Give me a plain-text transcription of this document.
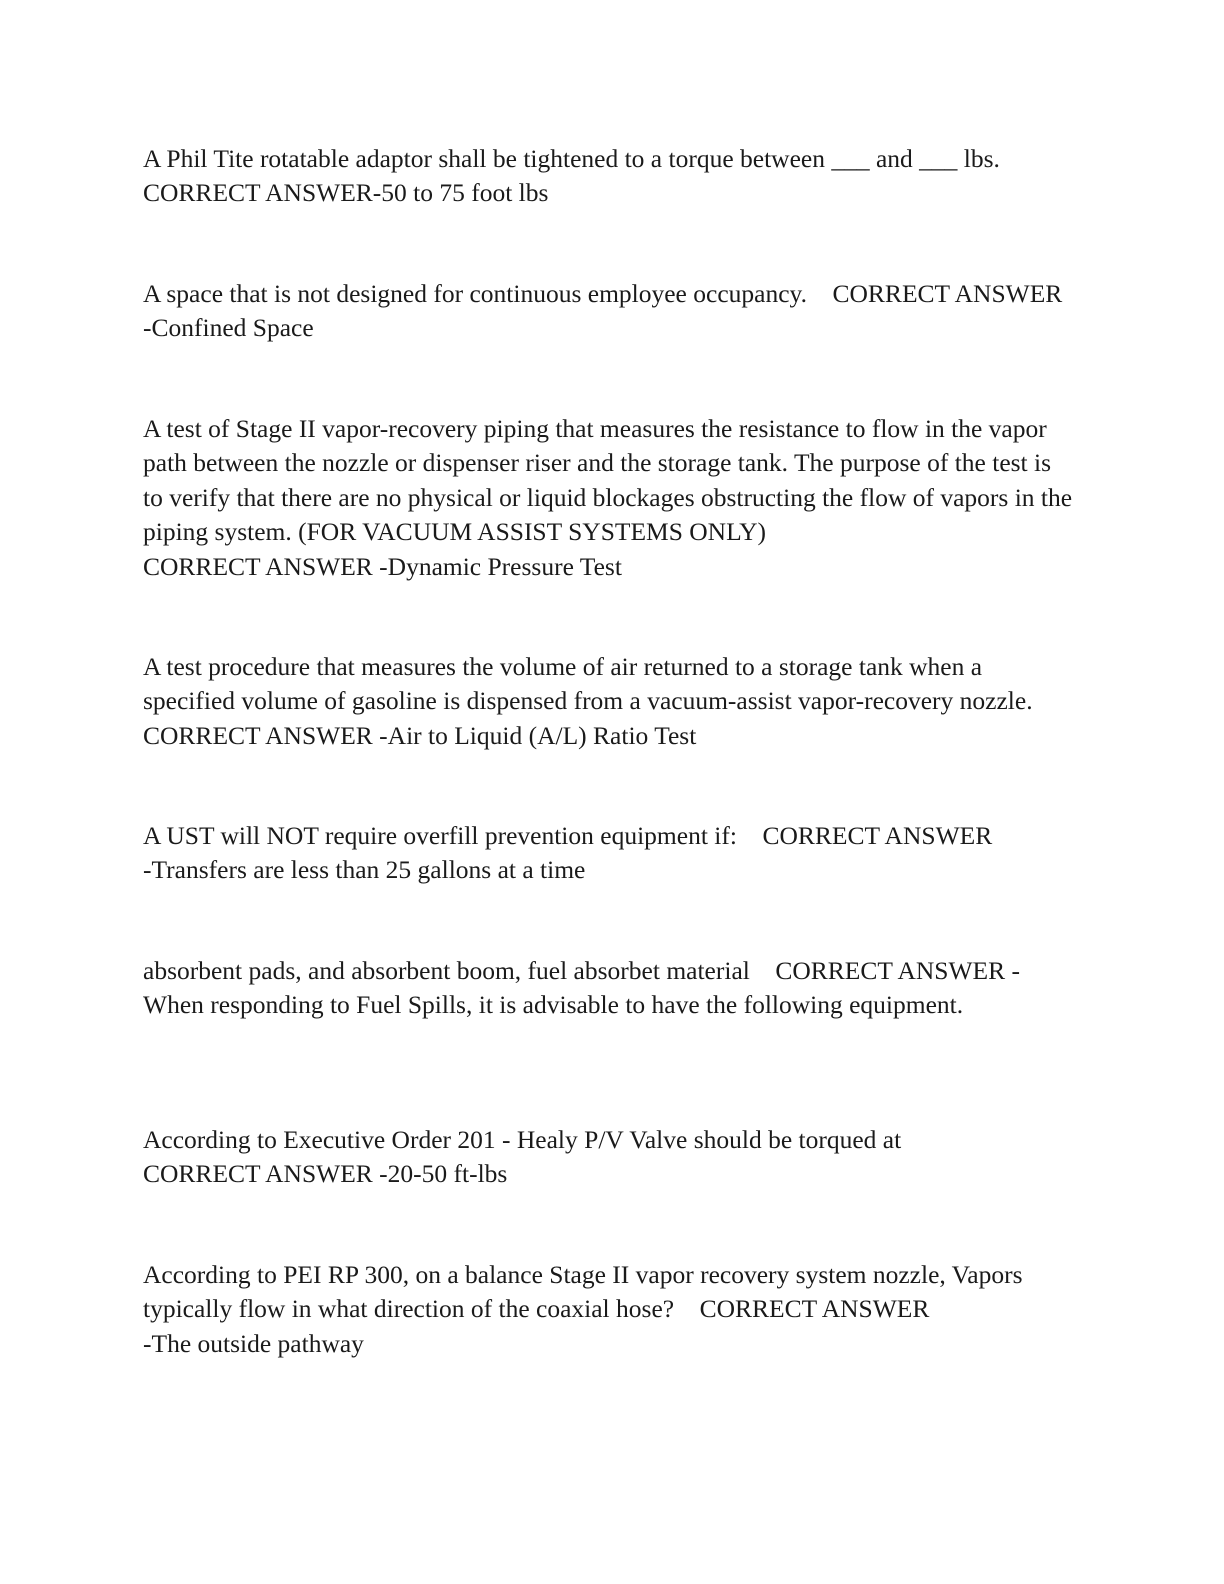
A Phil Tite rotatable adaptor shall be tightened to a torque between ___ and ___ lbs.    CORRECT ANSWER-50 to 75 foot lbs

A space that is not designed for continuous employee occupancy. CORRECT ANSWER
-Confined Space

A test of Stage II vapor-recovery piping that measures the resistance to flow in the vapor path between the nozzle or dispenser riser and the storage tank. The purpose of the test is to verify that there are no physical or liquid blockages obstructing the flow of vapors in the piping system. (FOR VACUUM ASSIST SYSTEMS ONLY)
CORRECT ANSWER -Dynamic Pressure Test

A test procedure that measures the volume of air returned to a storage tank when a specified volume of gasoline is dispensed from a vacuum-assist vapor-recovery nozzle.    CORRECT ANSWER -Air to Liquid (A/L) Ratio Test

A UST will NOT require overfill prevention equipment if: CORRECT ANSWER
-Transfers are less than 25 gallons at a time

absorbent pads, and absorbent boom, fuel absorbet material CORRECT ANSWER -When responding to Fuel Spills, it is advisable to have the following equipment.

According to Executive Order 201 - Healy P/V Valve should be torqued at
CORRECT ANSWER -20-50 ft-lbs

According to PEI RP 300, on a balance Stage II vapor recovery system nozzle, Vapors typically flow in what direction of the coaxial hose? CORRECT ANSWER
-The outside pathway
